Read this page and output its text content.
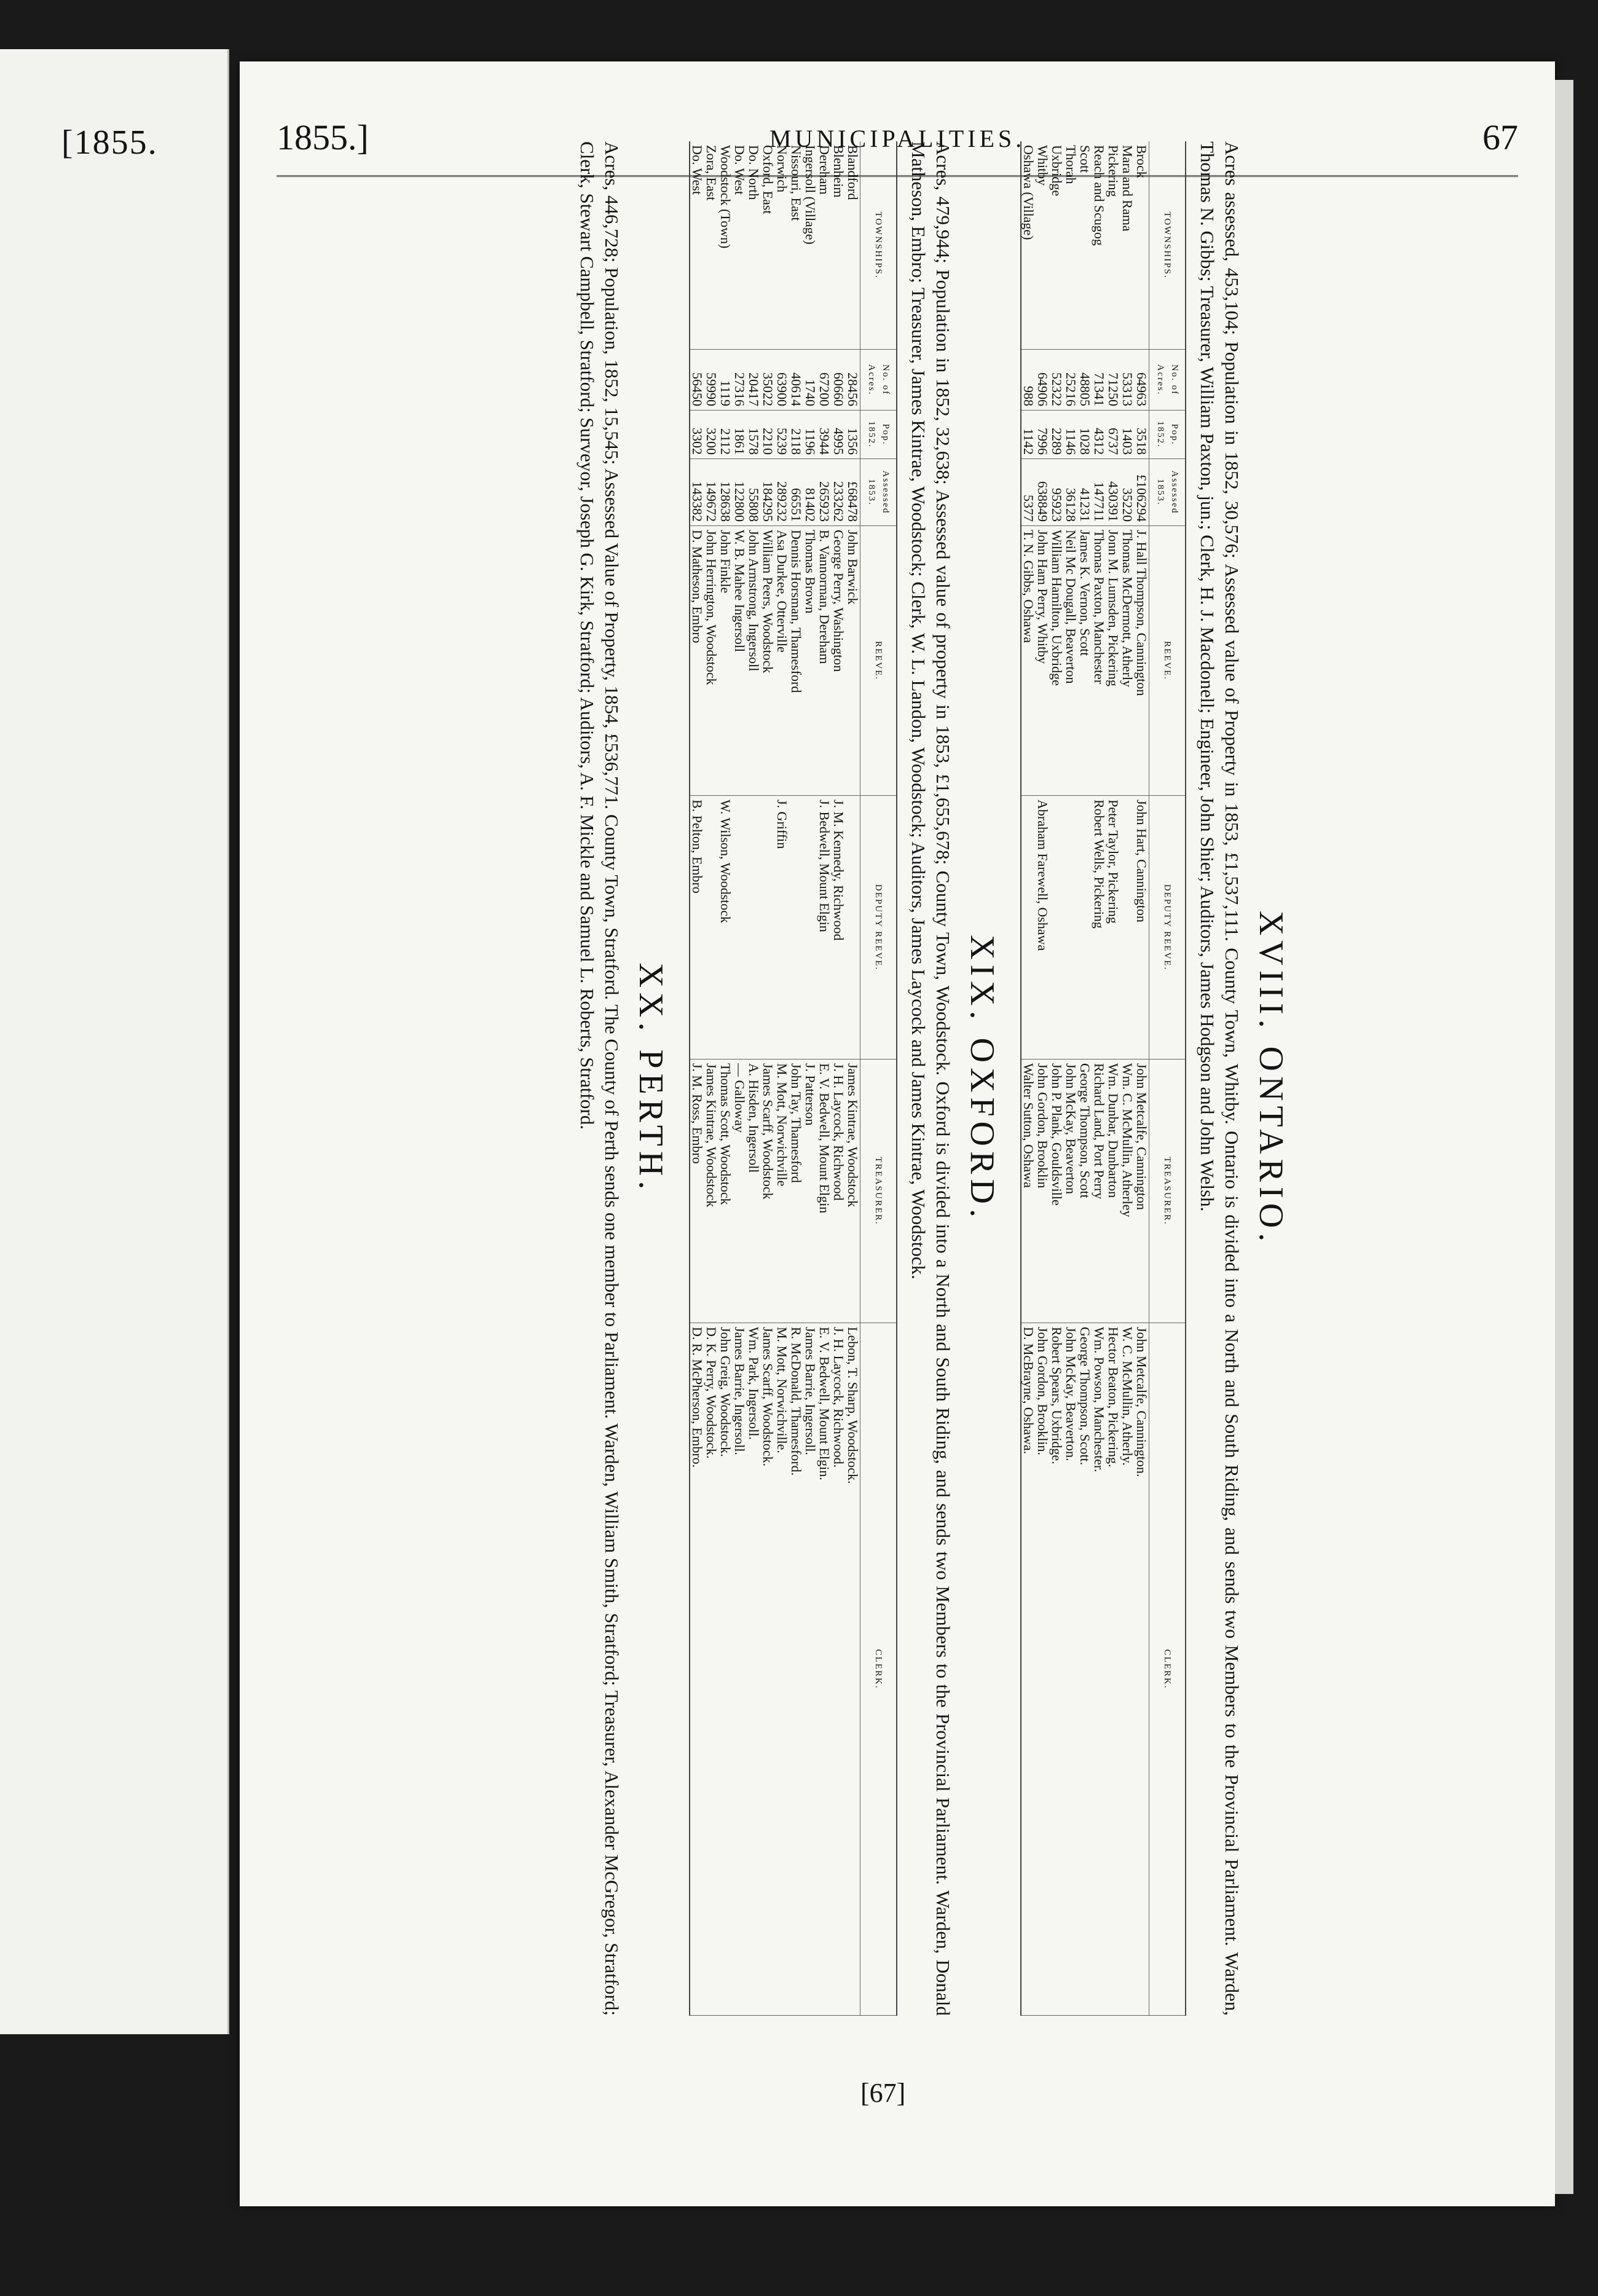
[1855.	1855.]	MUNICIPALITIES.	67
[67]
XVIII. ONTARIO.

Acres assessed, 453,104; Population in 1852, 30,576; Assessed value of Property in 1853, £1,537,111. County Town, Whitby. Ontario is divided into a North and South Riding, and sends two Members to the Provincial Parliament. Warden, Thomas N. Gibbs; Treasurer, William Paxton, jun.; Clerk, H. J. Macdonell; Engineer, John Shier; Auditors, James Hodgson and John Welsh.

TOWNSHIPS.	No. of Acres.	Pop. 1852.	Assessed 1853.	REEVE.	DEPUTY REEVE.	TREASURER.	CLERK.
Brock	64963	3518	£106294	J. Hall Thompson, Cannington	John Hart, Cannington	John Metcalfe, Cannington	John Metcalfe, Cannington.
Mara and Rama	53313	1403	35220	Thomas McDermott, Atherly		Wm. C. McMullin, Atherley	W. C. McMullin, Atherly.
Pickering	71250	6737	430391	Jonn M. Lumsden, Pickering	Peter Taylor, Pickering	Wm. Dunbar, Dunbarton	Hector Beaton, Pickering.
Reach and Scugog	71341	4312	147711	Thomas Paxton, Manchester	Robert Wells, Pickering	Richard Land, Port Perry	Wm. Powson, Manchester.
Scott	48805	1028	41231	James K. Vernon, Scott		George Thompson, Scott	George Thompson, Scott.
Thorah	25216	1146	36128	Neil Mc Dougall, Beaverton		John McKay, Beaverton	John McKay, Beaverton.
Uxbridge	52322	2289	95923	William Hamilton, Uxbridge		John P. Plank, Gouldsville	Robert Spears, Uxbridge.
Whitby	64906	7996	638849	John Ham Perry, Whitby	Abraham Farewell, Oshawa	John Gordon, Brooklin	John Gordon, Brooklin.
Oshawa (Village)	988	1142	5377	T. N. Gibbs, Oshawa		Walter Sutton, Oshawa	D. McBrayne, Oshawa.
XIX. OXFORD.

Acres, 479,944; Population in 1852, 32,638; Assessed value of property in 1853, £1,655,678; County Town, Woodstock. Oxford is divided into a North and South Riding, and sends two Members to the Provincial Parliament. Warden, Donald Matheson, Embro; Treasurer, James Kintrae, Woodstock; Clerk, W. L. Landon, Woodstock; Auditors, James Laycock and James Kintrae, Woodstock.

TOWNSHIPS.	No. of Acres.	Pop. 1852.	Assessed 1853.	REEVE.	DEPUTY REEVE.	TREASURER.	CLERK.
Blandford	28456	1356	£68478	John Barwick		James Kintrae, Woodstock	Lebon, T. Sharp, Woodstock.
Blenheim	60660	4995	233262	George Perry, Washington	J. M. Kennedy, Richwood	J. H. Laycock, Richwood	J. H. Laycock, Richwood.
Dereham	67200	3944	265923	B. Vannorman, Dereham	J. Bedwell, Mount Elgin	E. V. Bedwell, Mount Elgin	E. V. Bedwell, Mount Elgin.
Ingersoll (Village)	1740	1196	81402	Thomas Brown		J. Patterson	James Barrie, Ingersoll.
Nissouri, East	40614	2118	66551	Dennis Horsman, Thamesford		John Tay, Thamesford	R. McDonald, Thamesford.
Norwich	63900	5239	289232	Asa Durkee, Otterville	J. Griffin	M. Mott, Norwichville	M. Mott, Norwichville.
Oxford, East	35022	2210	184295	William Peers, Woodstock		James Scarff, Woodstock	James Scarff, Woodstock.
Do. North	20417	1578	55808	John Armstrong, Ingersoll		A. Hisden, Ingersoll	Wm. Park, Ingersoll.
Do. West	27316	1861	122800	W. B. Mahee Ingersoll		— Galloway	James Barrie, Ingersoll.
Woodstock (Town)	1119	2112	128638	John Finkle	W. Wilson, Woodstock	Thomas Scott, Woodstock	John Greig, Woodstock.
Zora, East	59990	3200	149672	John Herrington, Woodstock		James Kintrae, Woodstock	D. K. Perry, Woodstock.
Do. West	56450	3302	143382	D. Matheson, Embro	B. Pelton, Embro	J. M. Ross, Embro	D. R. McPherson, Embro.
XX. PERTH.

Acres, 446,728; Population, 1852, 15,545; Assessed Value of Property, 1854, £536,771. County Town, Stratford. The County of Perth sends one member to Parliament. Warden, William Smith, Stratford; Treasurer, Alexander McGregor, Stratford; Clerk, Stewart Campbell, Stratford; Surveyor, Joseph G. Kirk, Stratford; Auditors, A. F. Mickle and Samuel L. Roberts, Stratford.
